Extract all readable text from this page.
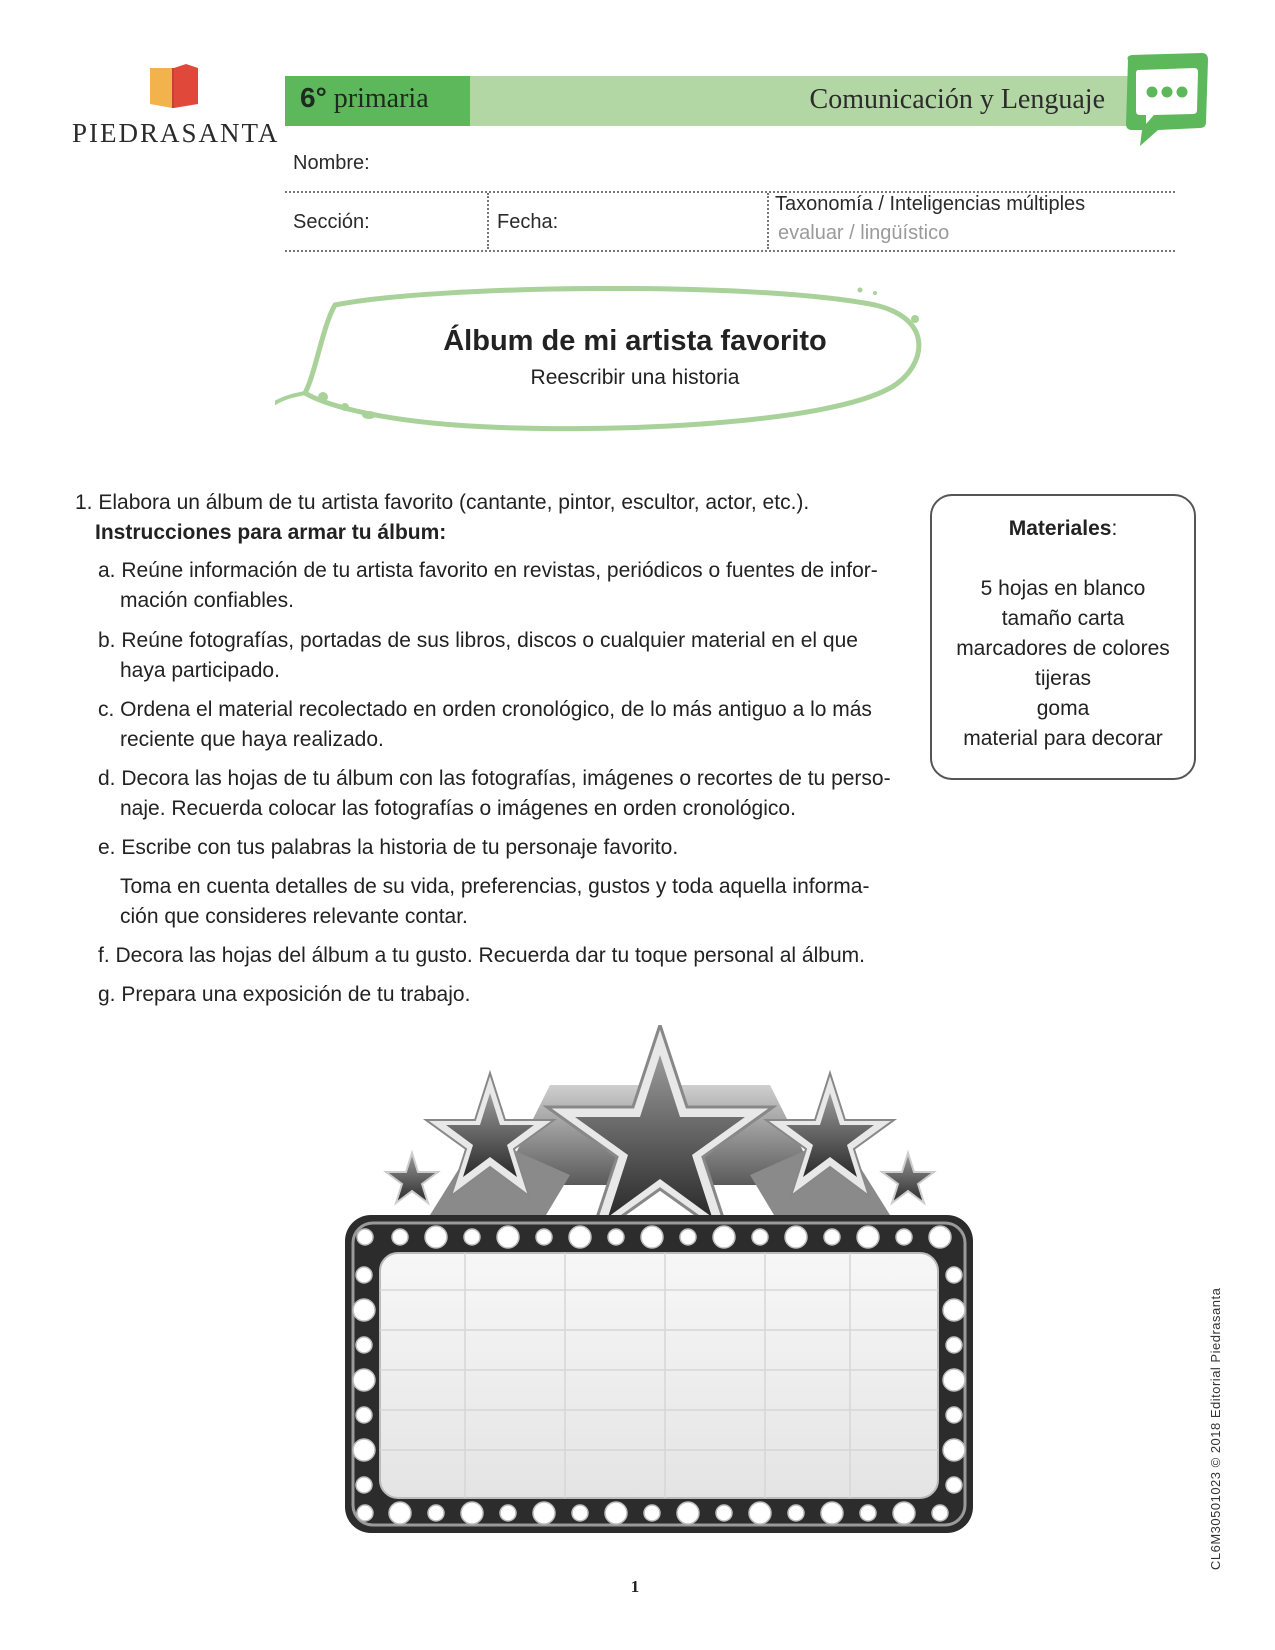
PIEDRASANTA
6° primaria	Comunicación y Lenguaje
Nombre:
Sección:	Fecha:
Taxonomía / Inteligencias múltiples
evaluar / lingüístico
Álbum de mi artista favorito
Reescribir una historia
1. Elabora un álbum de tu artista favorito (cantante, pintor, escultor, actor, etc.).
Instrucciones para armar tu álbum:
a. Reúne información de tu artista favorito en revistas, periódicos o fuentes de infor-
mación confiables.
b. Reúne fotografías, portadas de sus libros, discos o cualquier material en el que
haya participado.
c. Ordena el material recolectado en orden cronológico, de lo más antiguo a lo más
reciente que haya realizado.
d. Decora las hojas de tu álbum con las fotografías, imágenes o recortes de tu perso-
naje. Recuerda colocar las fotografías o imágenes en orden cronológico.
e. Escribe con tus palabras la historia de tu personaje favorito.
Toma en cuenta detalles de su vida, preferencias, gustos y toda aquella informa-
ción que consideres relevante contar.
f. Decora las hojas del álbum a tu gusto. Recuerda dar tu toque personal al álbum.
g. Prepara una exposición de tu trabajo.
Materiales:
5 hojas en blanco
tamaño carta
marcadores de colores
tijeras
goma
material para decorar
1
CL6M30501023 © 2018 Editorial Piedrasanta
